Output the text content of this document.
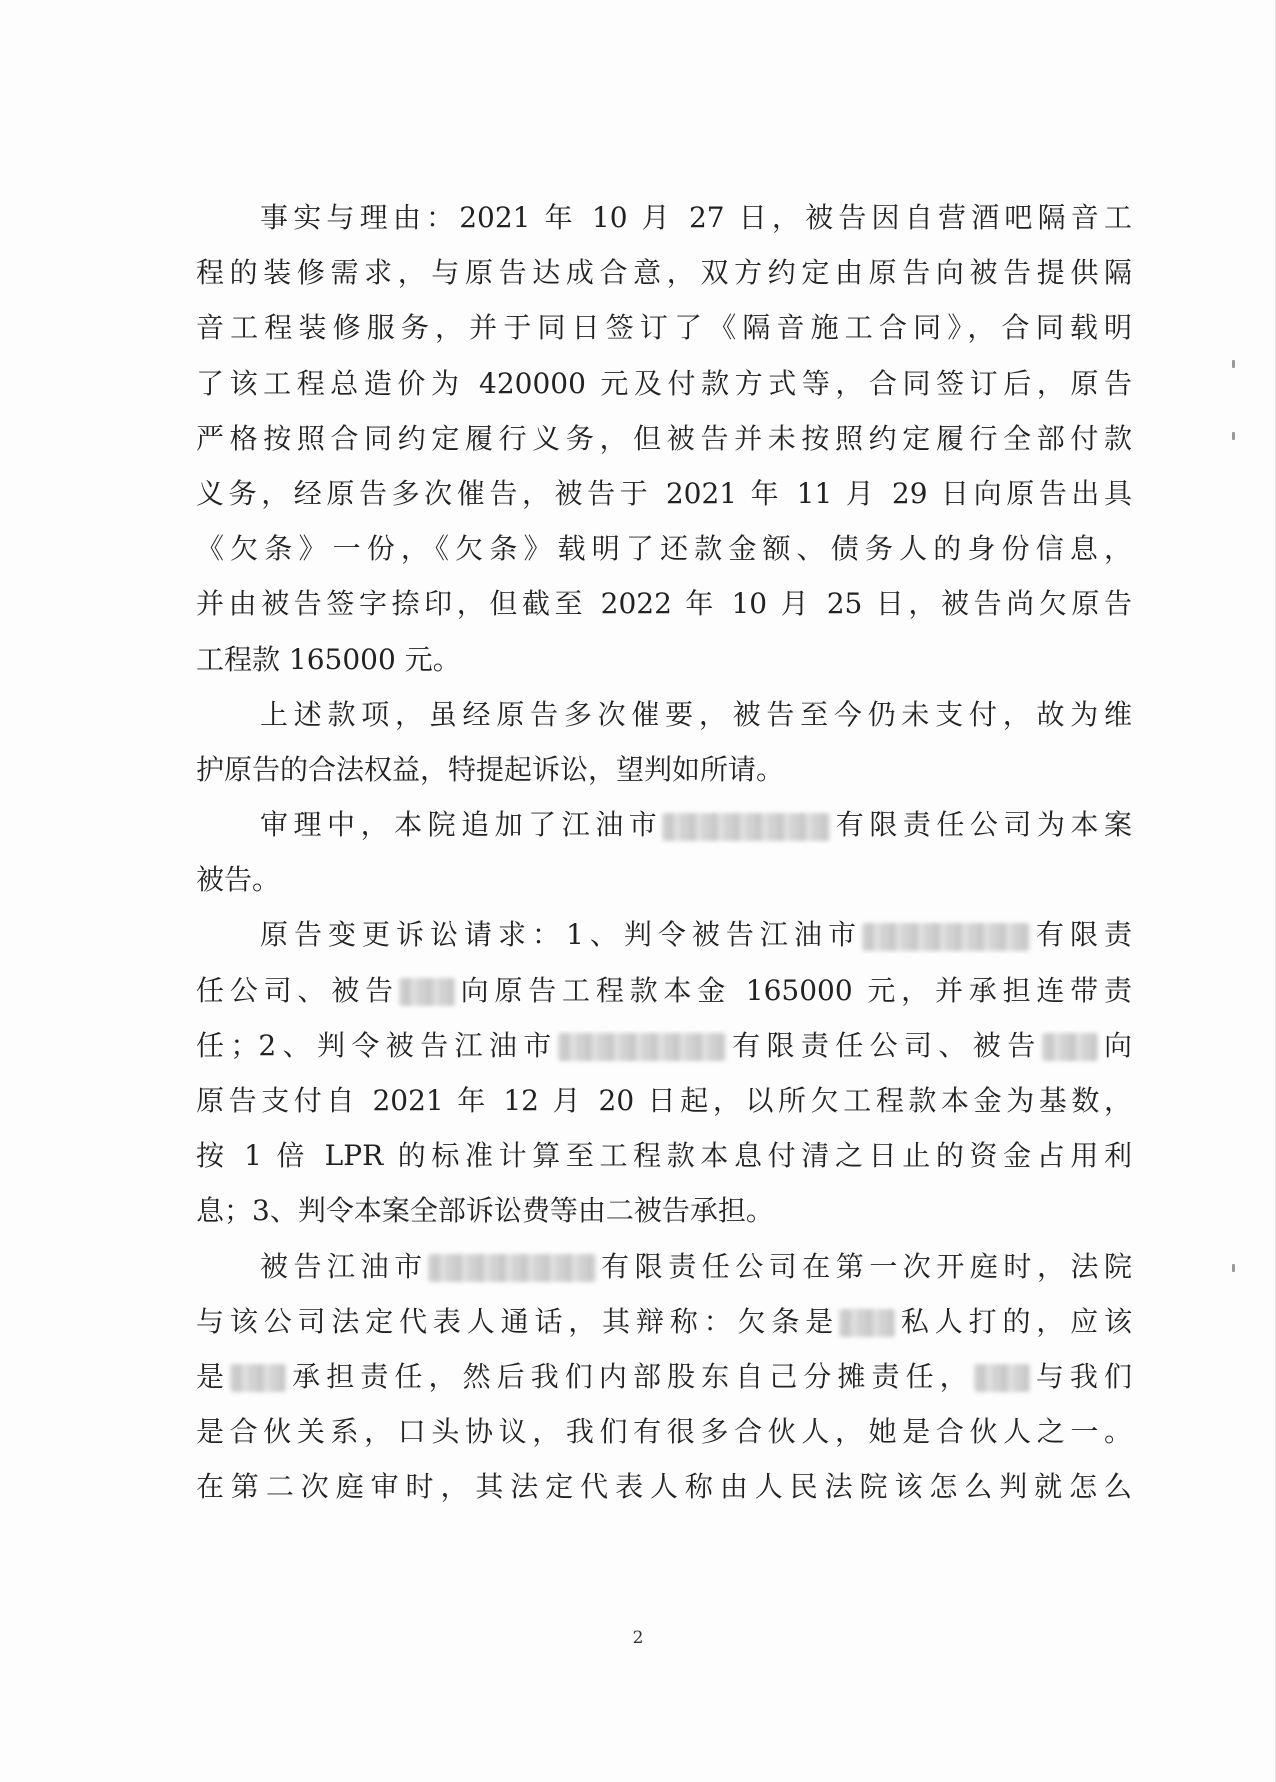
事实与理由：2021 年 10 月 27 日，被告因自营酒吧隔音工
程的装修需求，与原告达成合意，双方约定由原告向被告提供隔
音工程装修服务，并于同日签订了《隔音施工合同》，合同载明
了该工程总造价为 420000 元及付款方式等，合同签订后，原告
严格按照合同约定履行义务，但被告并未按照约定履行全部付款
义务，经原告多次催告，被告于 2021 年 11 月 29 日向原告出具
《欠条》一份，《欠条》载明了还款金额、债务人的身份信息，
并由被告签字捺印，但截至 2022 年 10 月 25 日，被告尚欠原告
工程款 165000 元。
上述款项，虽经原告多次催要，被告至今仍未支付，故为维
护原告的合法权益，特提起诉讼，望判如所请。
审理中，本院追加了江油市	有限责任公司为本案
被告。
原告变更诉讼请求：1、判令被告江油市	有限责
任公司、被告 向原告工程款本金 165000 元，并承担连带责
任；2、判令被告江油市	有限责任公司、被告 向
原告支付自 2021 年 12 月 20 日起，以所欠工程款本金为基数，
按 1 倍 LPR 的标准计算至工程款本息付清之日止的资金占用利
息；3、判令本案全部诉讼费等由二被告承担。
被告江油市	有限责任公司在第一次开庭时，法院
与该公司法定代表人通话，其辩称：欠条是 私人打的，应该
是 承担责任，然后我们内部股东自己分摊责任， 与我们
是合伙关系，口头协议，我们有很多合伙人，她是合伙人之一。
在第二次庭审时，其法定代表人称由人民法院该怎么判就怎么
2
